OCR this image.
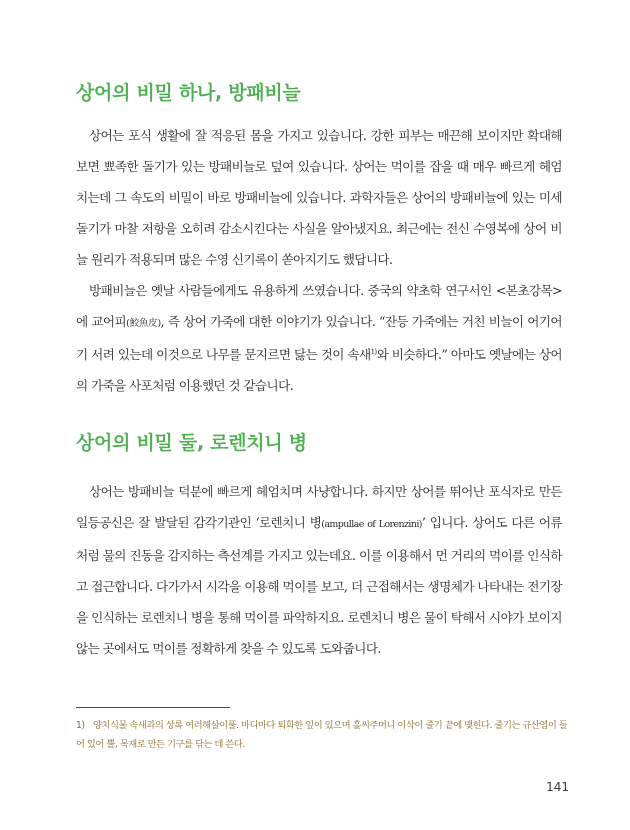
상어의 비밀 하나, 방패비늘

상어는 포식 생활에 잘 적응된 몸을 가지고 있습니다. 강한 피부는 매끈해 보이지만 확대해 보면 뾰족한 돌기가 있는 방패비늘로 덮여 있습니다. 상어는 먹이를 잡을 때 매우 빠르게 헤엄치는데 그 속도의 비밀이 바로 방패비늘에 있습니다. 과학자들은 상어의 방패비늘에 있는 미세 돌기가 마찰 저항을 오히려 감소시킨다는 사실을 알아냈지요. 최근에는 전신 수영복에 상어 비늘 원리가 적용되며 많은 수영 신기록이 쏟아지기도 했답니다.

방패비늘은 옛날 사람들에게도 유용하게 쓰였습니다. 중국의 약초학 연구서인 <본초강목>에 교어피(鮫魚皮), 즉 상어 가죽에 대한 이야기가 있습니다. “잔등 가죽에는 거친 비늘이 어기어기 서려 있는데 이것으로 나무를 문지르면 닳는 것이 속새$^{1)}$와 비슷하다.” 아마도 옛날에는 상어의 가죽을 사포처럼 이용했던 것 같습니다.

상어의 비밀 둘, 로렌치니 병

상어는 방패비늘 덕분에 빠르게 헤엄치며 사냥합니다. 하지만 상어를 뛰어난 포식자로 만든 일등공신은 잘 발달된 감각기관인 ‘로렌치니 병(ampullae of Lorenzini)’ 입니다. 상어도 다른 어류처럼 물의 진동을 감지하는 측선계를 가지고 있는데요. 이를 이용해서 먼 거리의 먹이를 인식하고 접근합니다. 다가가서 시각을 이용해 먹이를 보고, 더 근접해서는 생명체가 나타내는 전기장을 인식하는 로렌치니 병을 통해 먹이를 파악하지요. 로렌치니 병은 물이 탁해서 시야가 보이지 않는 곳에서도 먹이를 정확하게 찾을 수 있도록 도와줍니다.

1) 양치식물 속새과의 상록 여러해살이풀. 마디마다 퇴화한 잎이 있으며 홀씨주머니 이삭이 줄기 끝에 맺힌다. 줄기는 규산염이 들어 있어 뿔, 목재로 만든 기구를 닦는 데 쓴다.

141
